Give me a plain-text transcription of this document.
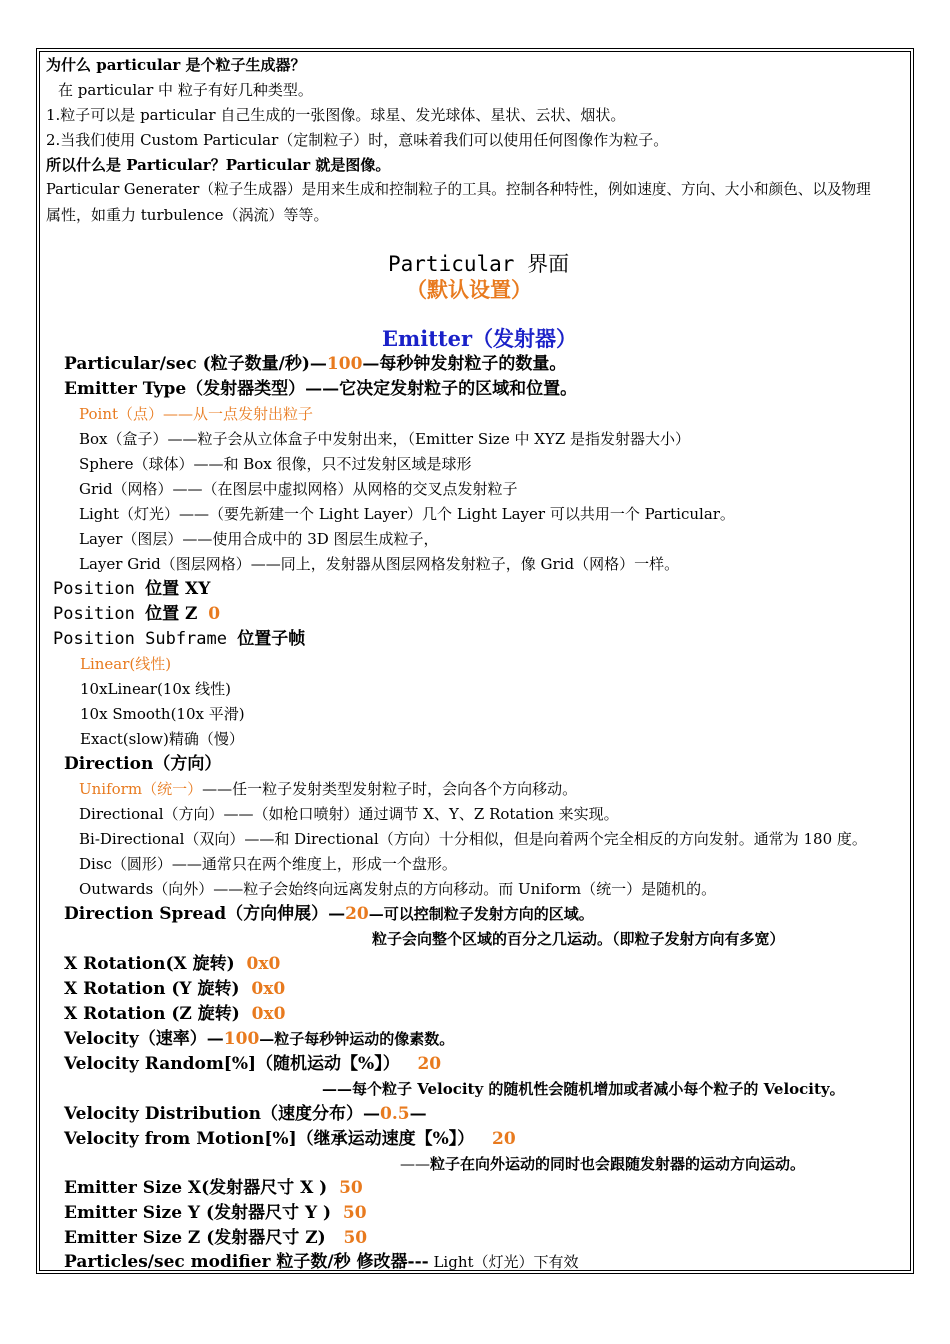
为什么 particular 是个粒子生成器？
在 particular 中 粒子有好几种类型。
1.粒子可以是 particular 自己生成的一张图像。球星、发光球体、星状、云状、烟状。
2.当我们使用 Custom Particular（定制粒子）时，意味着我们可以使用任何图像作为粒子。
所以什么是 Particular？Particular 就是图像。
Particular Generater（粒子生成器）是用来生成和控制粒子的工具。控制各种特性，例如速度、方向、大小和颜色、以及物理
属性，如重力 turbulence（涡流）等等。
Particular 界面
（默认设置）
Emitter（发射器）
Particular/sec (粒子数量/秒)—100—每秒钟发射粒子的数量。
Emitter Type（发射器类型）——它决定发射粒子的区域和位置。
Point（点）——从一点发射出粒子
Box（盒子）——粒子会从立体盒子中发射出来，（Emitter Size 中 XYZ 是指发射器大小）
Sphere（球体）——和 Box 很像，只不过发射区域是球形
Grid（网格）——（在图层中虚拟网格）从网格的交叉点发射粒子
Light（灯光）——（要先新建一个 Light Layer）几个 Light Layer 可以共用一个 Particular。
Layer（图层）——使用合成中的 3D 图层生成粒子，
Layer Grid（图层网格）——同上，发射器从图层网格发射粒子，像 Grid（网格）一样。
Position 位置 XY
Position 位置 Z 0
Position Subframe 位置子帧
Linear(线性)
10xLinear(10x 线性)
10x Smooth(10x 平滑)
Exact(slow)精确（慢）
Direction（方向）
Uniform（统一）——任一粒子发射类型发射粒子时，会向各个方向移动。
Directional（方向）——（如枪口喷射）通过调节 X、Y、Z Rotation 来实现。
Bi-Directional（双向）——和 Directional（方向）十分相似，但是向着两个完全相反的方向发射。通常为 180 度。
Disc（圆形）——通常只在两个维度上，形成一个盘形。
Outwards（向外）——粒子会始终向远离发射点的方向移动。而 Uniform（统一）是随机的。
Direction Spread（方向伸展）—20—可以控制粒子发射方向的区域。
粒子会向整个区域的百分之几运动。（即粒子发射方向有多宽）
X Rotation(X 旋转) 0x0
X Rotation (Y 旋转) 0x0
X Rotation (Z 旋转) 0x0
Velocity（速率）—100—粒子每秒钟运动的像素数。
Velocity Random[%]（随机运动【%】） 20
——每个粒子 Velocity 的随机性会随机增加或者减小每个粒子的 Velocity。
Velocity Distribution（速度分布）—0.5—
Velocity from Motion[%]（继承运动速度【%】） 20
——粒子在向外运动的同时也会跟随发射器的运动方向运动。
Emitter Size X(发射器尺寸 X ) 50
Emitter Size Y (发射器尺寸 Y ) 50
Emitter Size Z (发射器尺寸 Z) 50
Particles/sec modifier 粒子数/秒 修改器--- Light（灯光）下有效
